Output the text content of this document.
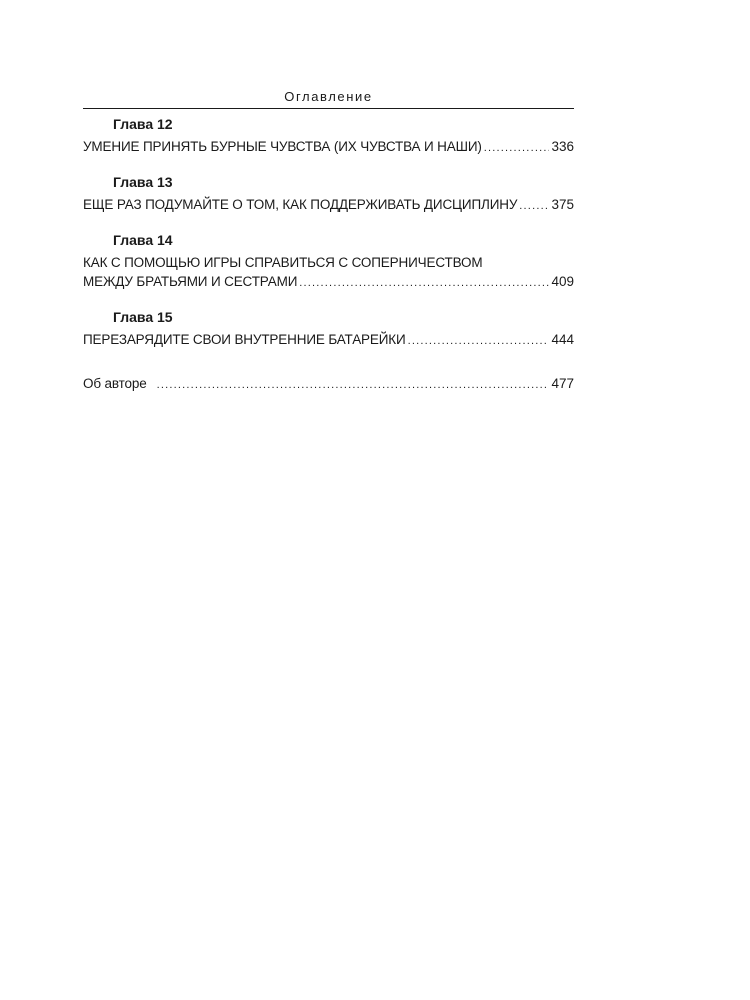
Оглавление
Глава 12
УМЕНИЕ ПРИНЯТЬ БУРНЫЕ ЧУВСТВА (ИХ ЧУВСТВА И НАШИ) .....	336
Глава 13
ЕЩЕ РАЗ ПОДУМАЙТЕ О ТОМ, КАК ПОДДЕРЖИВАТЬ ДИСЦИПЛИНУ .....	375
Глава 14
КАК С ПОМОЩЬЮ ИГРЫ СПРАВИТЬСЯ С СОПЕРНИЧЕСТВОМ
МЕЖДУ БРАТЬЯМИ И СЕСТРАМИ .....	409
Глава 15
ПЕРЕЗАРЯДИТЕ СВОИ ВНУТРЕННИЕ БАТАРЕЙКИ .....	444
Об авторе .....	477
